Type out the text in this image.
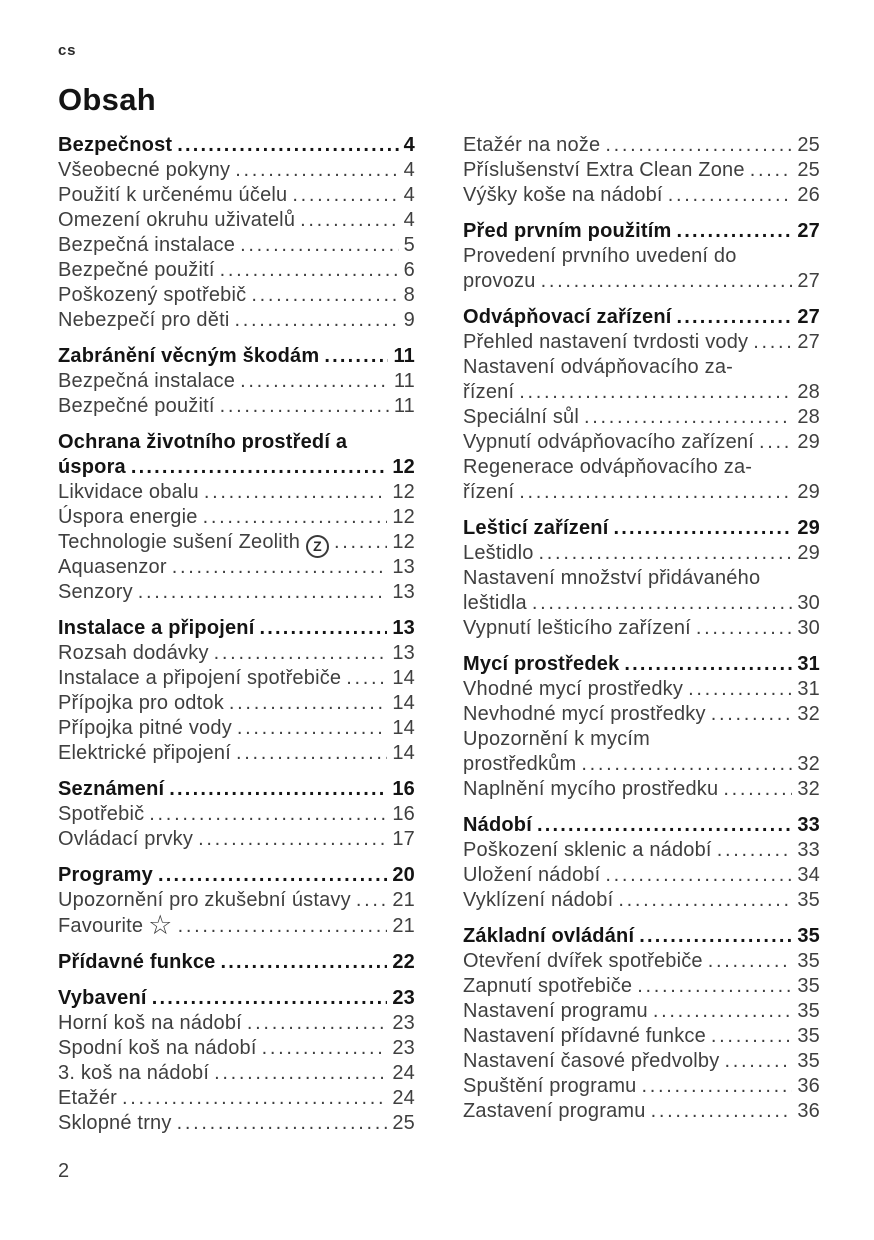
cs
Obsah
Bezpečnost .....	4
Všeobecné pokyny .....	4
Použití k určenému účelu .....	4
Omezení okruhu uživatelů .....	4
Bezpečná instalace .....	5
Bezpečné použití .....	6
Poškozený spotřebič .....	8
Nebezpečí pro děti .....	9
Zabránění věcným škodám .....	11
Bezpečná instalace .....	11
Bezpečné použití .....	11
Ochrana životního prostředí a
úspora .....	12
Likvidace obalu .....	12
Úspora energie .....	12
Technologie sušení Zeolith Z .....	12
Aquasenzor .....	13
Senzory .....	13
Instalace a připojení .....	13
Rozsah dodávky .....	13
Instalace a připojení spotřebiče .....	14
Přípojka pro odtok .....	14
Přípojka pitné vody .....	14
Elektrické připojení .....	14
Seznámení .....	16
Spotřebič .....	16
Ovládací prvky .....	17
Programy .....	20
Upozornění pro zkušební ústavy ..... 21
Favourite ☆ .....	21
Přídavné funkce .....	22
Vybavení .....	23
Horní koš na nádobí .....	23
Spodní koš na nádobí .....	23
3. koš na nádobí .....	24
Etažér .....	24
Sklopné trny .....	25
Etažér na nože .....	25
Příslušenství Extra Clean Zone .....	25
Výšky koše na nádobí .....	26
Před prvním použitím .....	27
Provedení prvního uvedení do
provozu .....	27
Odvápňovací zařízení .....	27
Přehled nastavení tvrdosti vody ..... 27
Nastavení odvápňovacího za-
řízení .....	28
Speciální sůl .....	28
Vypnutí odvápňovacího zařízení ..... 29
Regenerace odvápňovacího za-
řízení .....	29
Lešticí zařízení .....	29
Leštidlo .....	29
Nastavení množství přidávaného
leštidla .....	30
Vypnutí lešticího zařízení .....	30
Mycí prostředek .....	31
Vhodné mycí prostředky .....	31
Nevhodné mycí prostředky .....	32
Upozornění k mycím
prostředkům .....	32
Naplnění mycího prostředku .....	32
Nádobí .....	33
Poškození sklenic a nádobí .....	33
Uložení nádobí .....	34
Vyklízení nádobí .....	35
Základní ovládání .....	35
Otevření dvířek spotřebiče .....	35
Zapnutí spotřebiče .....	35
Nastavení programu .....	35
Nastavení přídavné funkce .....	35
Nastavení časové předvolby .....	35
Spuštění programu .....	36
Zastavení programu .....	36
2
